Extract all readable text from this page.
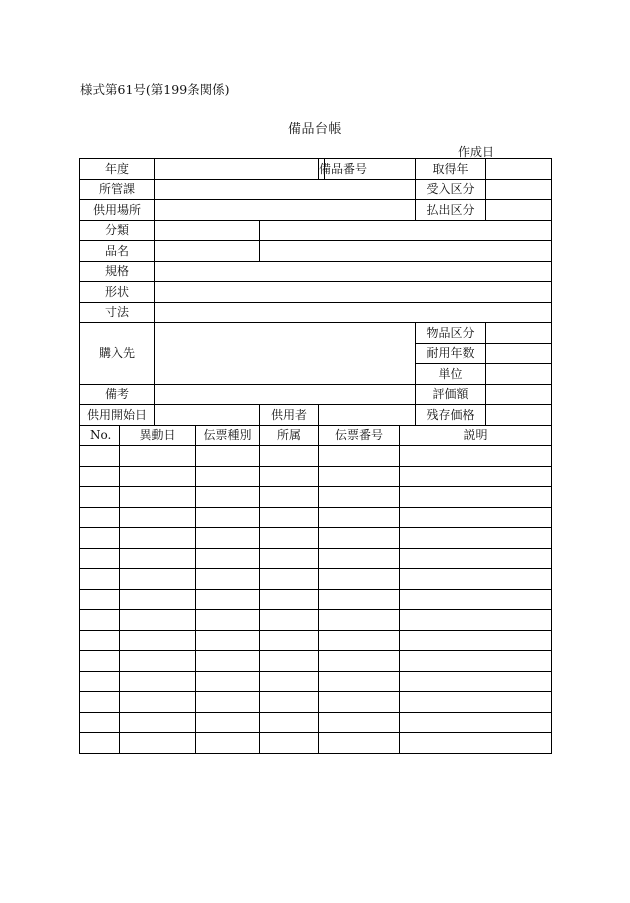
様式第61号(第199条関係)
備品台帳
作成日
年度					備品番号			取得年	
所管課								受入区分	
供用場所								払出区分	
分類									
品名									
規格									
形状									
寸法									
購入先								物品区分	
								耐用年数	
								単位	
備考								評価額	
供用開始日				供用者				残存価格	
No.	異動日		伝票種別	所属	伝票番号		説明		
